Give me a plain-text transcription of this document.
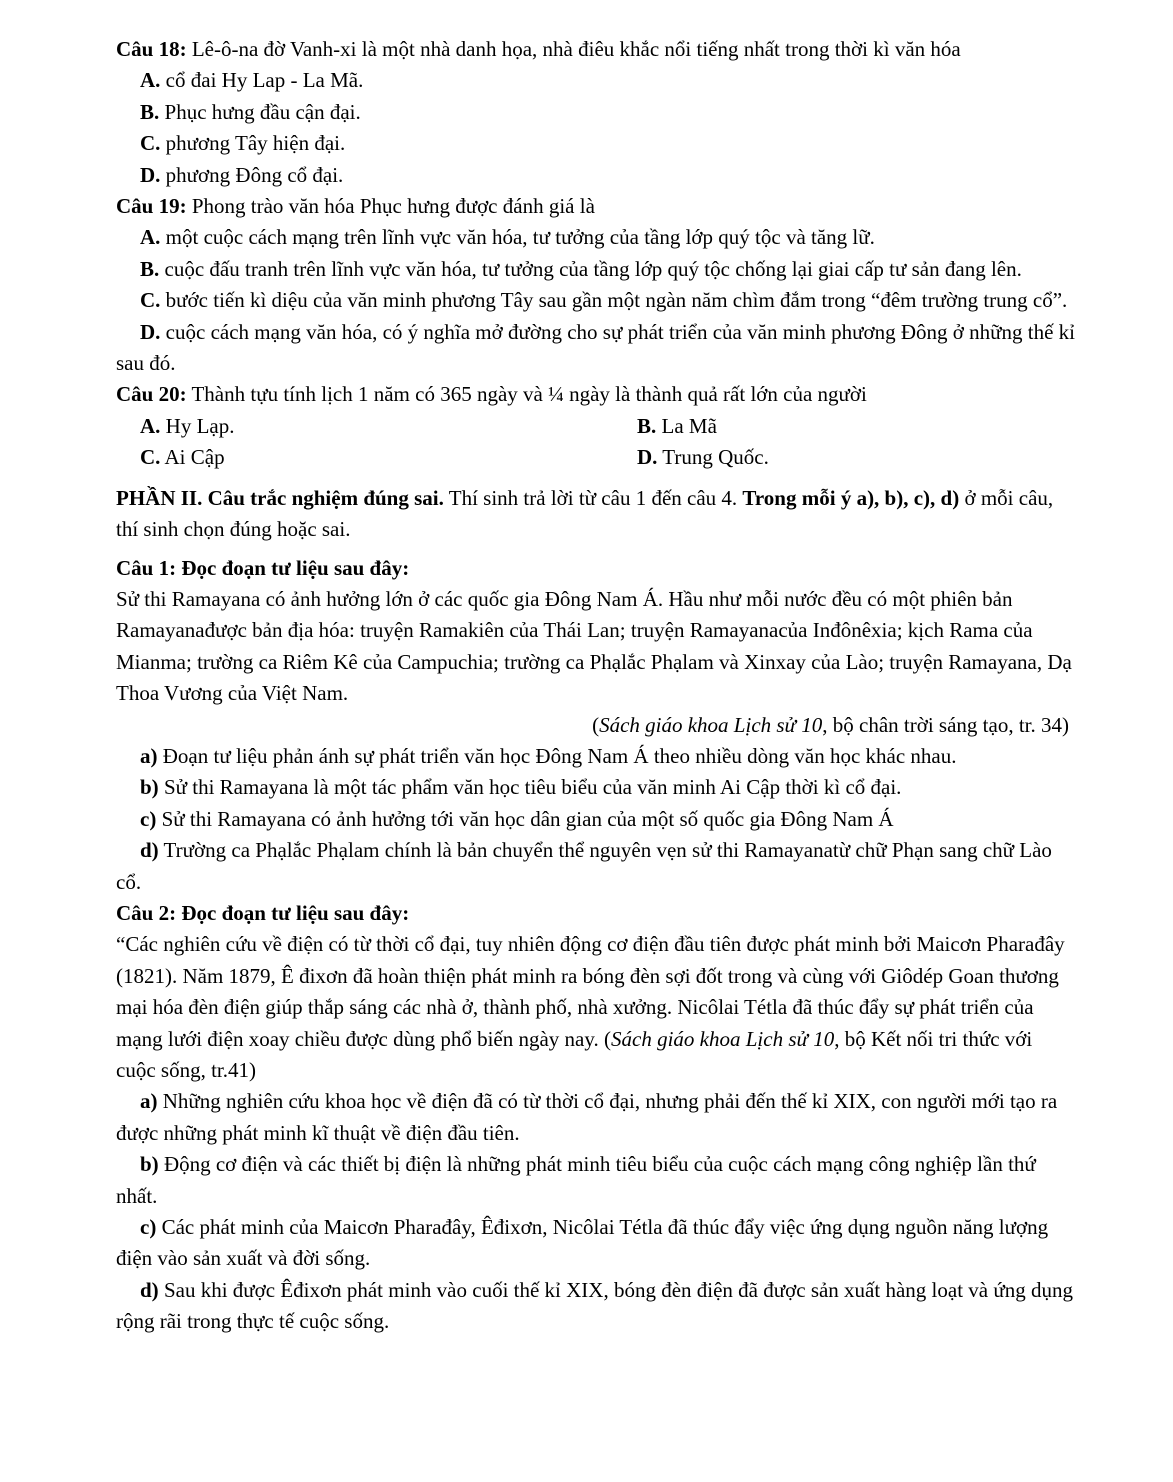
Câu 18: Lê-ô-na đờ Vanh-xi là một nhà danh họa, nhà điêu khắc nổi tiếng nhất trong thời kì văn hóa

A. cổ đai Hy Lap - La Mã.

B. Phục hưng đầu cận đại.

C. phương Tây hiện đại.

D. phương Đông cổ đại.

Câu 19: Phong trào văn hóa Phục hưng được đánh giá là

A. một cuộc cách mạng trên lĩnh vực văn hóa, tư tưởng của tầng lớp quý tộc và tăng lữ.

B. cuộc đấu tranh trên lĩnh vực văn hóa, tư tưởng của tầng lớp quý tộc chống lại giai cấp tư sản đang lên.

C. bước tiến kì diệu của văn minh phương Tây sau gần một ngàn năm chìm đắm trong “đêm trường trung cổ”.

D. cuộc cách mạng văn hóa, có ý nghĩa mở đường cho sự phát triển của văn minh phương Đông ở những thế kỉ sau đó.

Câu 20: Thành tựu tính lịch 1 năm có 365 ngày và ¼ ngày là thành quả rất lớn của người

A. Hy Lạp.	B. La Mã
C. Ai Cập	D. Trung Quốc.

PHẦN II. Câu trắc nghiệm đúng sai. Thí sinh trả lời từ câu 1 đến câu 4. Trong mỗi ý a), b), c), d) ở mỗi câu, thí sinh chọn đúng hoặc sai.

Câu 1: Đọc đoạn tư liệu sau đây:

Sử thi Ramayana có ảnh hưởng lớn ở các quốc gia Đông Nam Á. Hầu như mỗi nước đều có một phiên bản Ramayanađược bản địa hóa: truyện Ramakiên của Thái Lan; truyện Ramayanacủa Inđônêxia; kịch Rama của Mianma; trường ca Riêm Kê của Campuchia; trường ca Phạlắc Phạlam và Xinxay của Lào; truyện Ramayana, Dạ Thoa Vương của Việt Nam.

(Sách giáo khoa Lịch sử 10, bộ chân trời sáng tạo, tr. 34)

a) Đoạn tư liệu phản ánh sự phát triển văn học Đông Nam Á theo nhiều dòng văn học khác nhau.

b) Sử thi Ramayana là một tác phẩm văn học tiêu biểu của văn minh Ai Cập thời kì cổ đại.

c) Sử thi Ramayana có ảnh hưởng tới văn học dân gian của một số quốc gia Đông Nam Á

d) Trường ca Phạlắc Phạlam chính là bản chuyển thể nguyên vẹn sử thi Ramayanatừ chữ Phạn sang chữ Lào cổ.

Câu 2: Đọc đoạn tư liệu sau đây:

“Các nghiên cứu về điện có từ thời cổ đại, tuy nhiên động cơ điện đầu tiên được phát minh bởi Maicơn Pharađây (1821). Năm 1879, Ê đixơn đã hoàn thiện phát minh ra bóng đèn sợi đốt trong và cùng với Giôdép Goan thương mại hóa đèn điện giúp thắp sáng các nhà ở, thành phố, nhà xưởng. Nicôlai Tétla đã thúc đẩy sự phát triển của mạng lưới điện xoay chiều được dùng phổ biến ngày nay. (Sách giáo khoa Lịch sử 10, bộ Kết nối tri thức với cuộc sống, tr.41)

a) Những nghiên cứu khoa học về điện đã có từ thời cổ đại, nhưng phải đến thế kỉ XIX, con người mới tạo ra được những phát minh kĩ thuật về điện đầu tiên.

b) Động cơ điện và các thiết bị điện là những phát minh tiêu biểu của cuộc cách mạng công nghiệp lần thứ nhất.

c) Các phát minh của Maicơn Pharađây, Êđixơn, Nicôlai Tétla đã thúc đẩy việc ứng dụng nguồn năng lượng điện vào sản xuất và đời sống.

d) Sau khi được Êđixơn phát minh vào cuối thế kỉ XIX, bóng đèn điện đã được sản xuất hàng loạt và ứng dụng rộng rãi trong thực tế cuộc sống.
